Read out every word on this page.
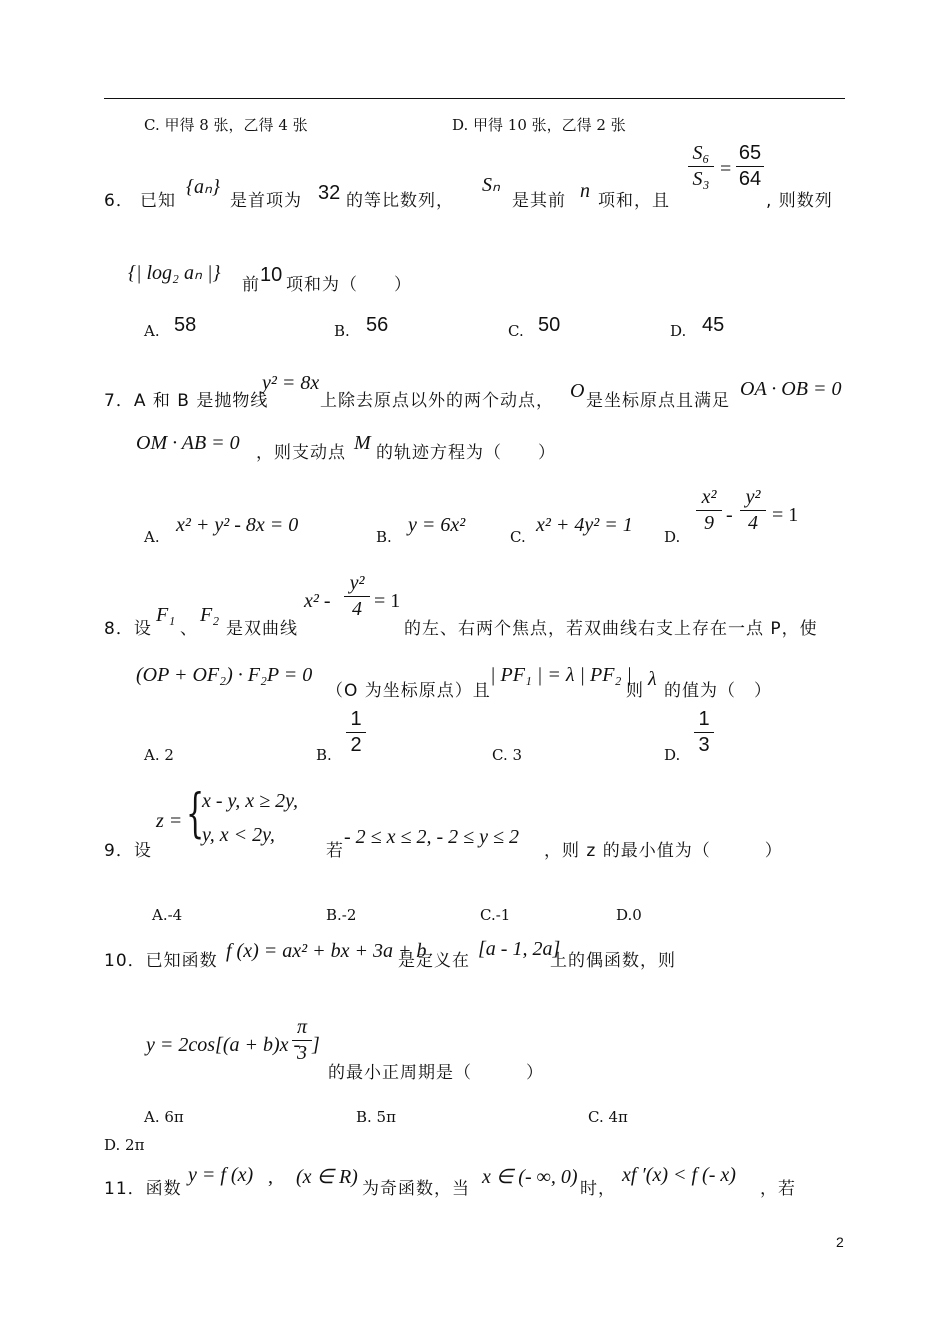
C. 甲得 8 张，乙得 4 张	D. 甲得 10 张，乙得 2 张
6． 已知
{aₙ}
是首项为 32 的等比数列，
Sₙ
是其前 n 项和，且
S₆
S₃ =
65
64
, 则数列
{| log₂ aₙ |}
前 10 项和为（　　）
A. 58	B. 56	C. 50	D. 45
7．A 和 B 是抛物线
y² = 8x
上除去原点以外的两个动点， O 是坐标原点且满足
OA · OB = 0
OM · AB = 0 ，则支动点 M 的轨迹方程为（　　）
A.
x² + y² - 8x = 0
B.
y = 6x²
C.
x² + 4y² = 1
D.
x²
9 -
y²
4 = 1
8．设
F₁
、
F₂
是双曲线
x² -
y²
4 = 1
的左、右两个焦点，若双曲线右支上存在一点 P，使
(OP + OF₂) · F₂P = 0
（O 为坐标原点）且
| PF₁ | = λ | PF₂ |
则
λ
的值为（　）
A. 2	B.
1
2	C. 3	D.
1
3
z = {
x - y, x ≥ 2y,
y, x < 2y,
9．设	若
- 2 ≤ x ≤ 2, - 2 ≤ y ≤ 2
，则 z 的最小值为（　　　）
A.-4	B.-2	C.-1	D.0
10．已知函数 f (x) = ax² + bx + 3a + b
是定义在
[a - 1, 2a]
上的偶函数，则
y = 2cos[(a + b)x -
π
3 ]
的最小正周期是（　　　）
A. 6π	B. 5π	C. 4π
D. 2π
11．函数
y = f (x) , (x ∈ R)
为奇函数，当
x ∈ (- ∞, 0)
时，
xf ′(x) < f (- x)
，若
2
